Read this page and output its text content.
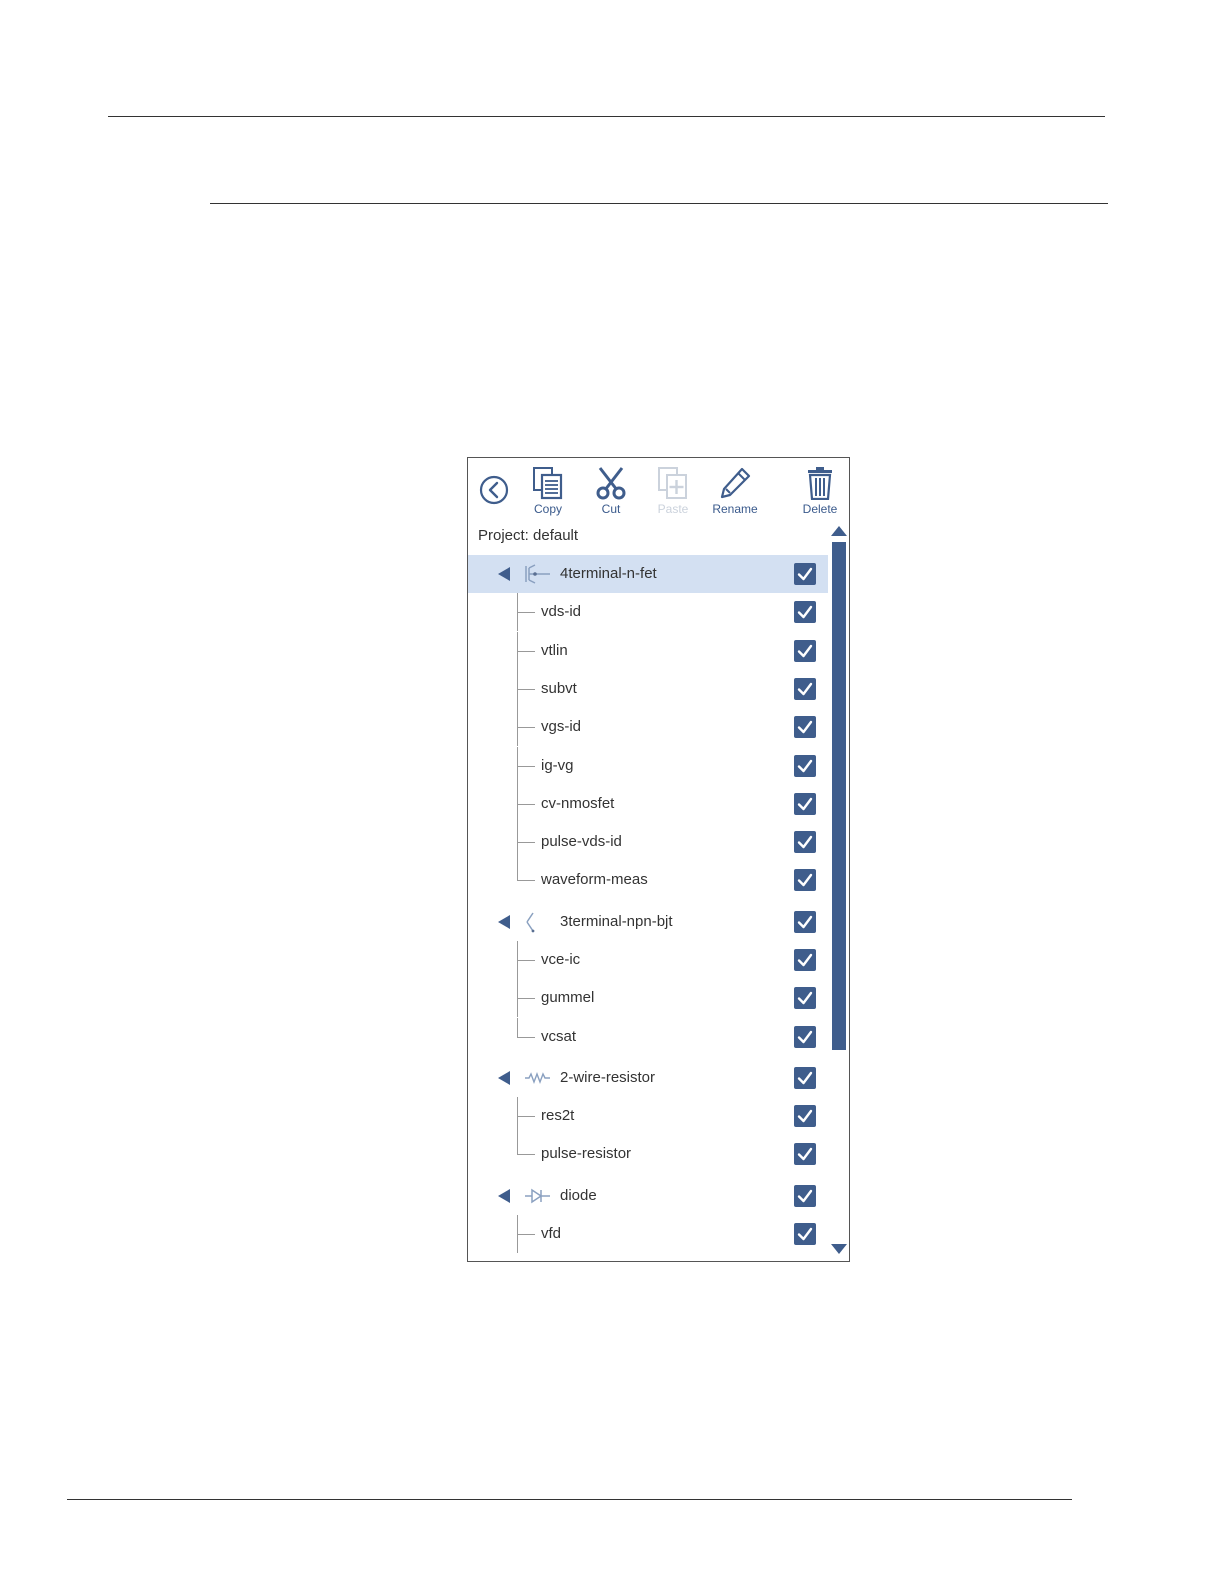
Copy	Cut	Paste	Rename	Delete
Project: default
4terminal-n-fet
vds-id
vtlin
subvt
vgs-id
ig-vg
cv-nmosfet
pulse-vds-id
waveform-meas
3terminal-npn-bjt
vce-ic
gummel
vcsat
2-wire-resistor
res2t
pulse-resistor
diode
vfd
